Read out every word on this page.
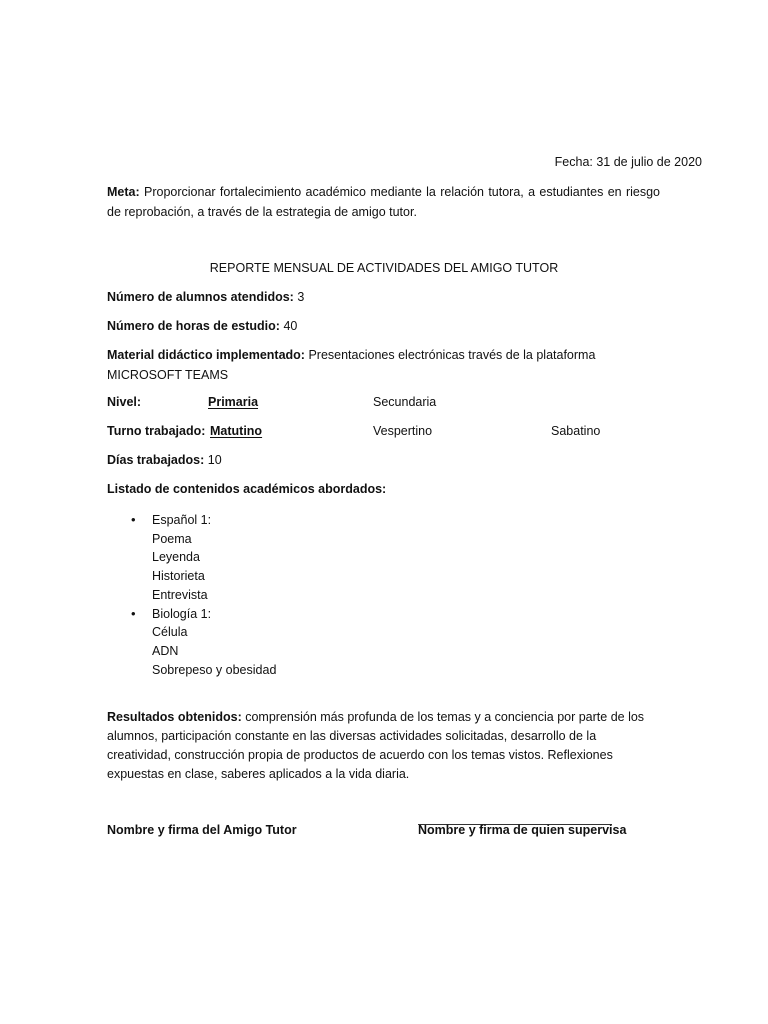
Fecha: 31 de julio de 2020
Meta: Proporcionar fortalecimiento académico mediante la relación tutora, a estudiantes en riesgo de reprobación, a través de la estrategia de amigo tutor.
REPORTE MENSUAL DE ACTIVIDADES DEL AMIGO TUTOR
Número de alumnos atendidos: 3
Número de horas de estudio: 40
Material didáctico implementado: Presentaciones electrónicas través de la plataforma MICROSOFT TEAMS
Nivel:	Primaria	Secundaria
Turno trabajado: Matutino	Vespertino	Sabatino
Días trabajados: 10
Listado de contenidos académicos abordados:
• Español 1:
Poema
Leyenda
Historieta
Entrevista
• Biología 1:
Célula
ADN
Sobrepeso y obesidad
Resultados obtenidos: comprensión más profunda de los temas y a conciencia por parte de los alumnos, participación constante en las diversas actividades solicitadas, desarrollo de la creatividad, construcción propia de productos de acuerdo con los temas vistos. Reflexiones expuestas en clase, saberes aplicados a la vida diaria.
Nombre y firma del Amigo Tutor	Nombre y firma de quien supervisa
